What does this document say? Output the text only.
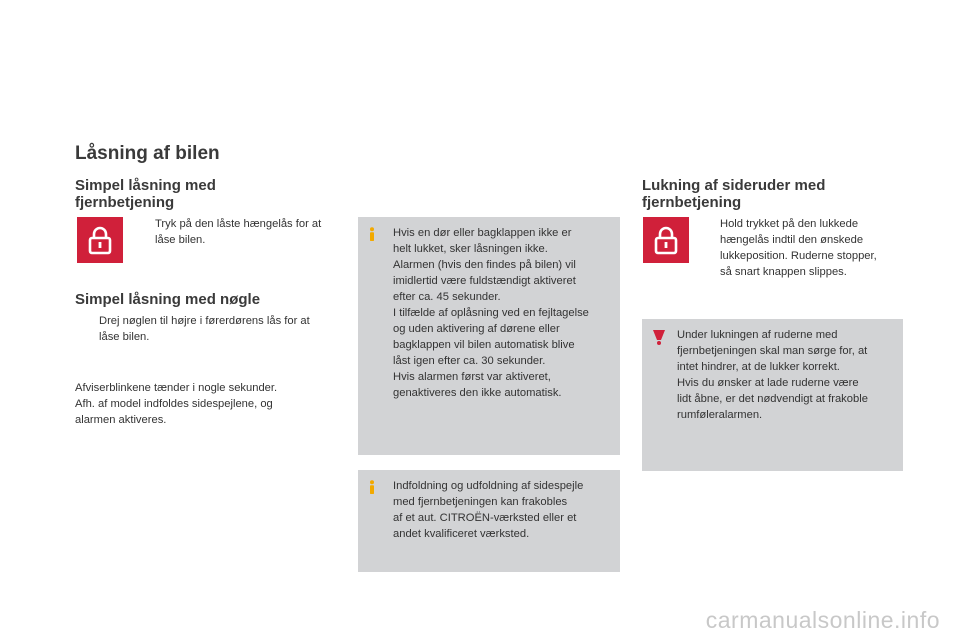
Låsning af bilen
Simpel låsning med
fjernbetjening
Tryk på den låste hængelås for at
låse bilen.
Simpel låsning med nøgle
Drej nøglen til højre i førerdørens lås for at
låse bilen.
Afviserblinkene tænder i nogle sekunder.
Afh. af model indfoldes sidespejlene, og
alarmen aktiveres.
Hvis en dør eller bagklappen ikke er
helt lukket, sker låsningen ikke.
Alarmen (hvis den findes på bilen) vil
imidlertid være fuldstændigt aktiveret
efter ca. 45 sekunder.
I tilfælde af oplåsning ved en fejltagelse
og uden aktivering af dørene eller
bagklappen vil bilen automatisk blive
låst igen efter ca. 30 sekunder.
Hvis alarmen først var aktiveret,
genaktiveres den ikke automatisk.
Indfoldning og udfoldning af sidespejle
med fjernbetjeningen kan frakobles
af et aut. CITROËN-værksted eller et
andet kvalificeret værksted.
Lukning af sideruder med
fjernbetjening
Hold trykket på den lukkede
hængelås indtil den ønskede
lukkeposition. Ruderne stopper,
så snart knappen slippes.
Under lukningen af ruderne med
fjernbetjeningen skal man sørge for, at
intet hindrer, at de lukker korrekt.
Hvis du ønsker at lade ruderne være
lidt åbne, er det nødvendigt at frakoble
rumføleralarmen.
carmanualsonline.info
